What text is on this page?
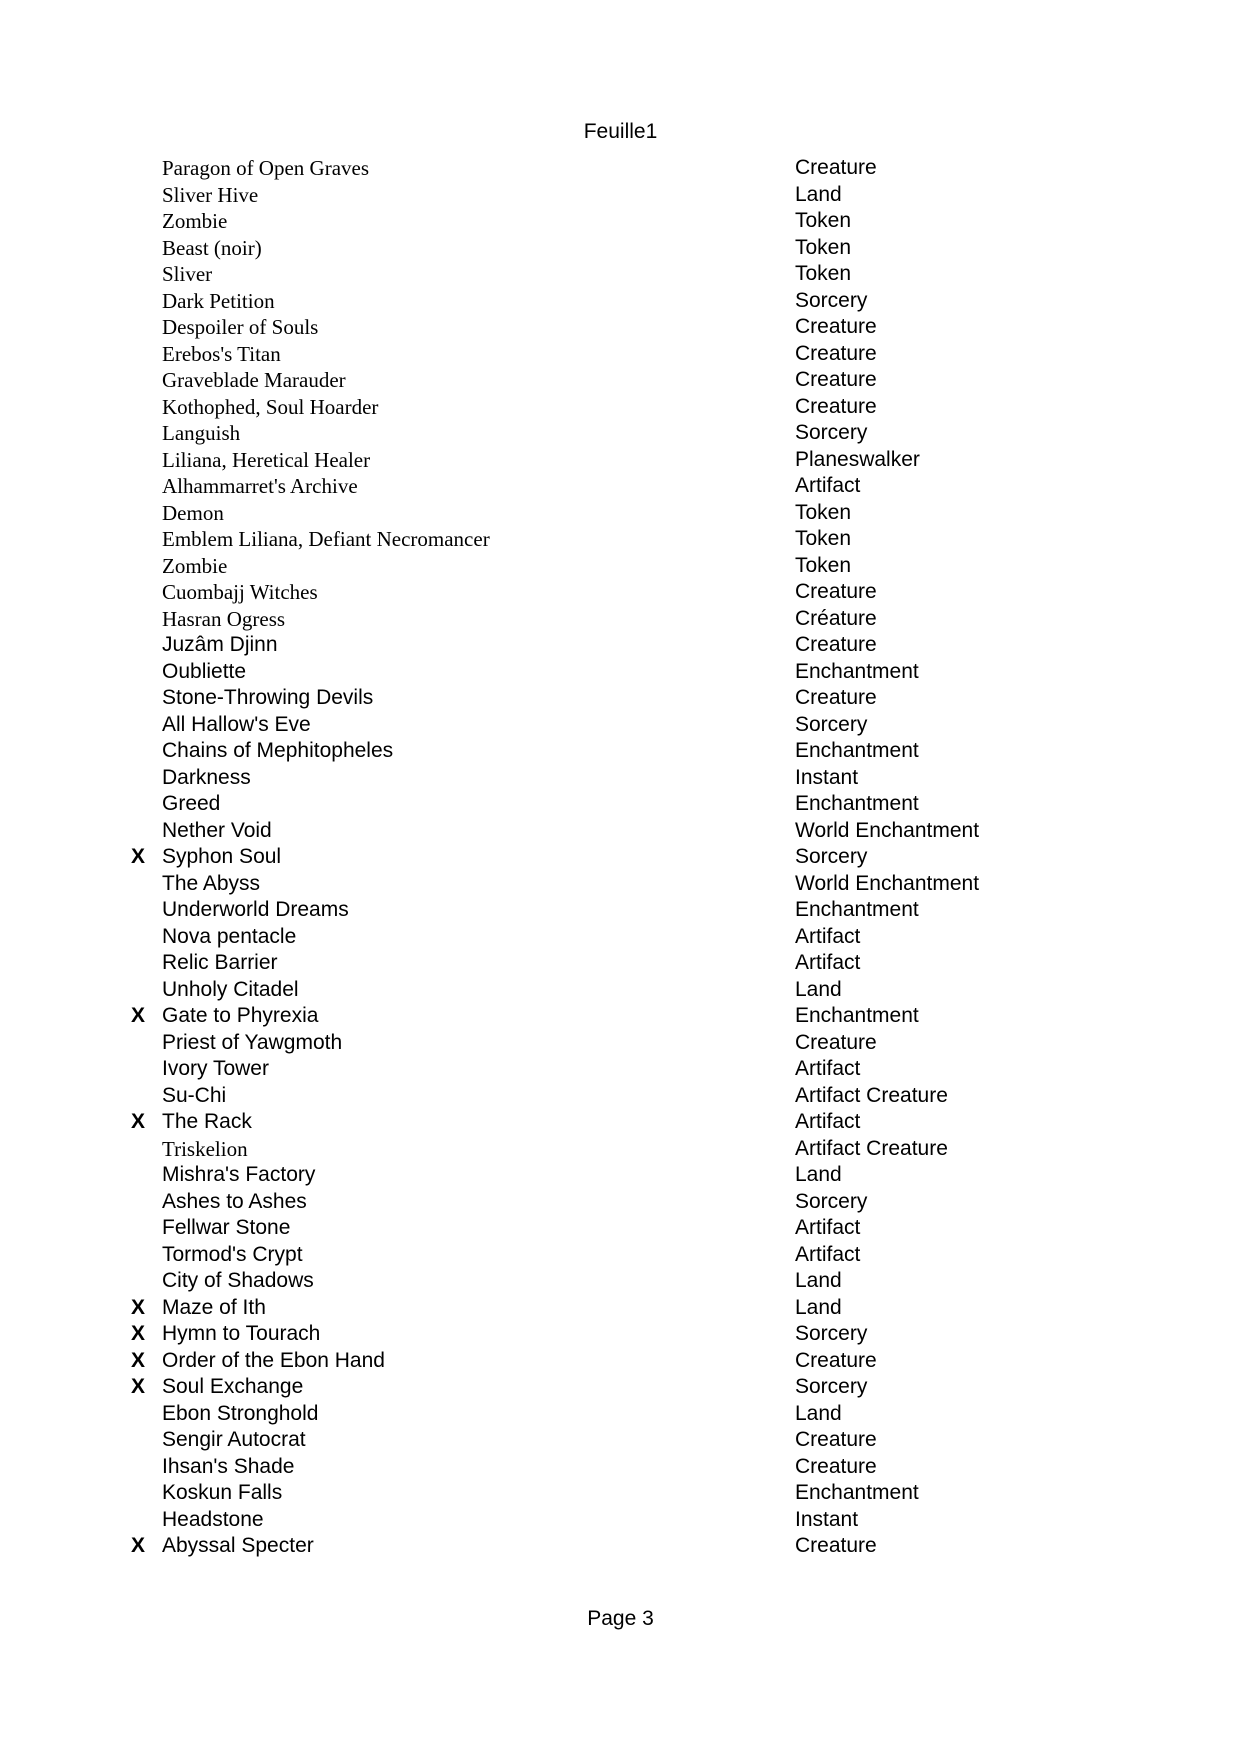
Feuille1
Paragon of Open Graves	Creature
Sliver Hive	Land
Zombie	Token
Beast (noir)	Token
Sliver	Token
Dark Petition	Sorcery
Despoiler of Souls	Creature
Erebos's Titan	Creature
Graveblade Marauder	Creature
Kothophed, Soul Hoarder	Creature
Languish	Sorcery
Liliana, Heretical Healer	Planeswalker
Alhammarret's Archive	Artifact
Demon	Token
Emblem Liliana, Defiant Necromancer	Token
Zombie	Token
Cuombajj Witches	Creature
Hasran Ogress	Créature
Juzâm Djinn	Creature
Oubliette	Enchantment
Stone-Throwing Devils	Creature
All Hallow's Eve	Sorcery
Chains of Mephitopheles	Enchantment
Darkness	Instant
Greed	Enchantment
Nether Void	World Enchantment
X Syphon Soul	Sorcery
The Abyss	World Enchantment
Underworld Dreams	Enchantment
Nova pentacle	Artifact
Relic Barrier	Artifact
Unholy Citadel	Land
X Gate to Phyrexia	Enchantment
Priest of Yawgmoth	Creature
Ivory Tower	Artifact
Su-Chi	Artifact Creature
X The Rack	Artifact
Triskelion	Artifact Creature
Mishra's Factory	Land
Ashes to Ashes	Sorcery
Fellwar Stone	Artifact
Tormod's Crypt	Artifact
City of Shadows	Land
X Maze of Ith	Land
X Hymn to Tourach	Sorcery
X Order of the Ebon Hand	Creature
X Soul Exchange	Sorcery
Ebon Stronghold	Land
Sengir Autocrat	Creature
Ihsan's Shade	Creature
Koskun Falls	Enchantment
Headstone	Instant
X Abyssal Specter	Creature
Page 3
